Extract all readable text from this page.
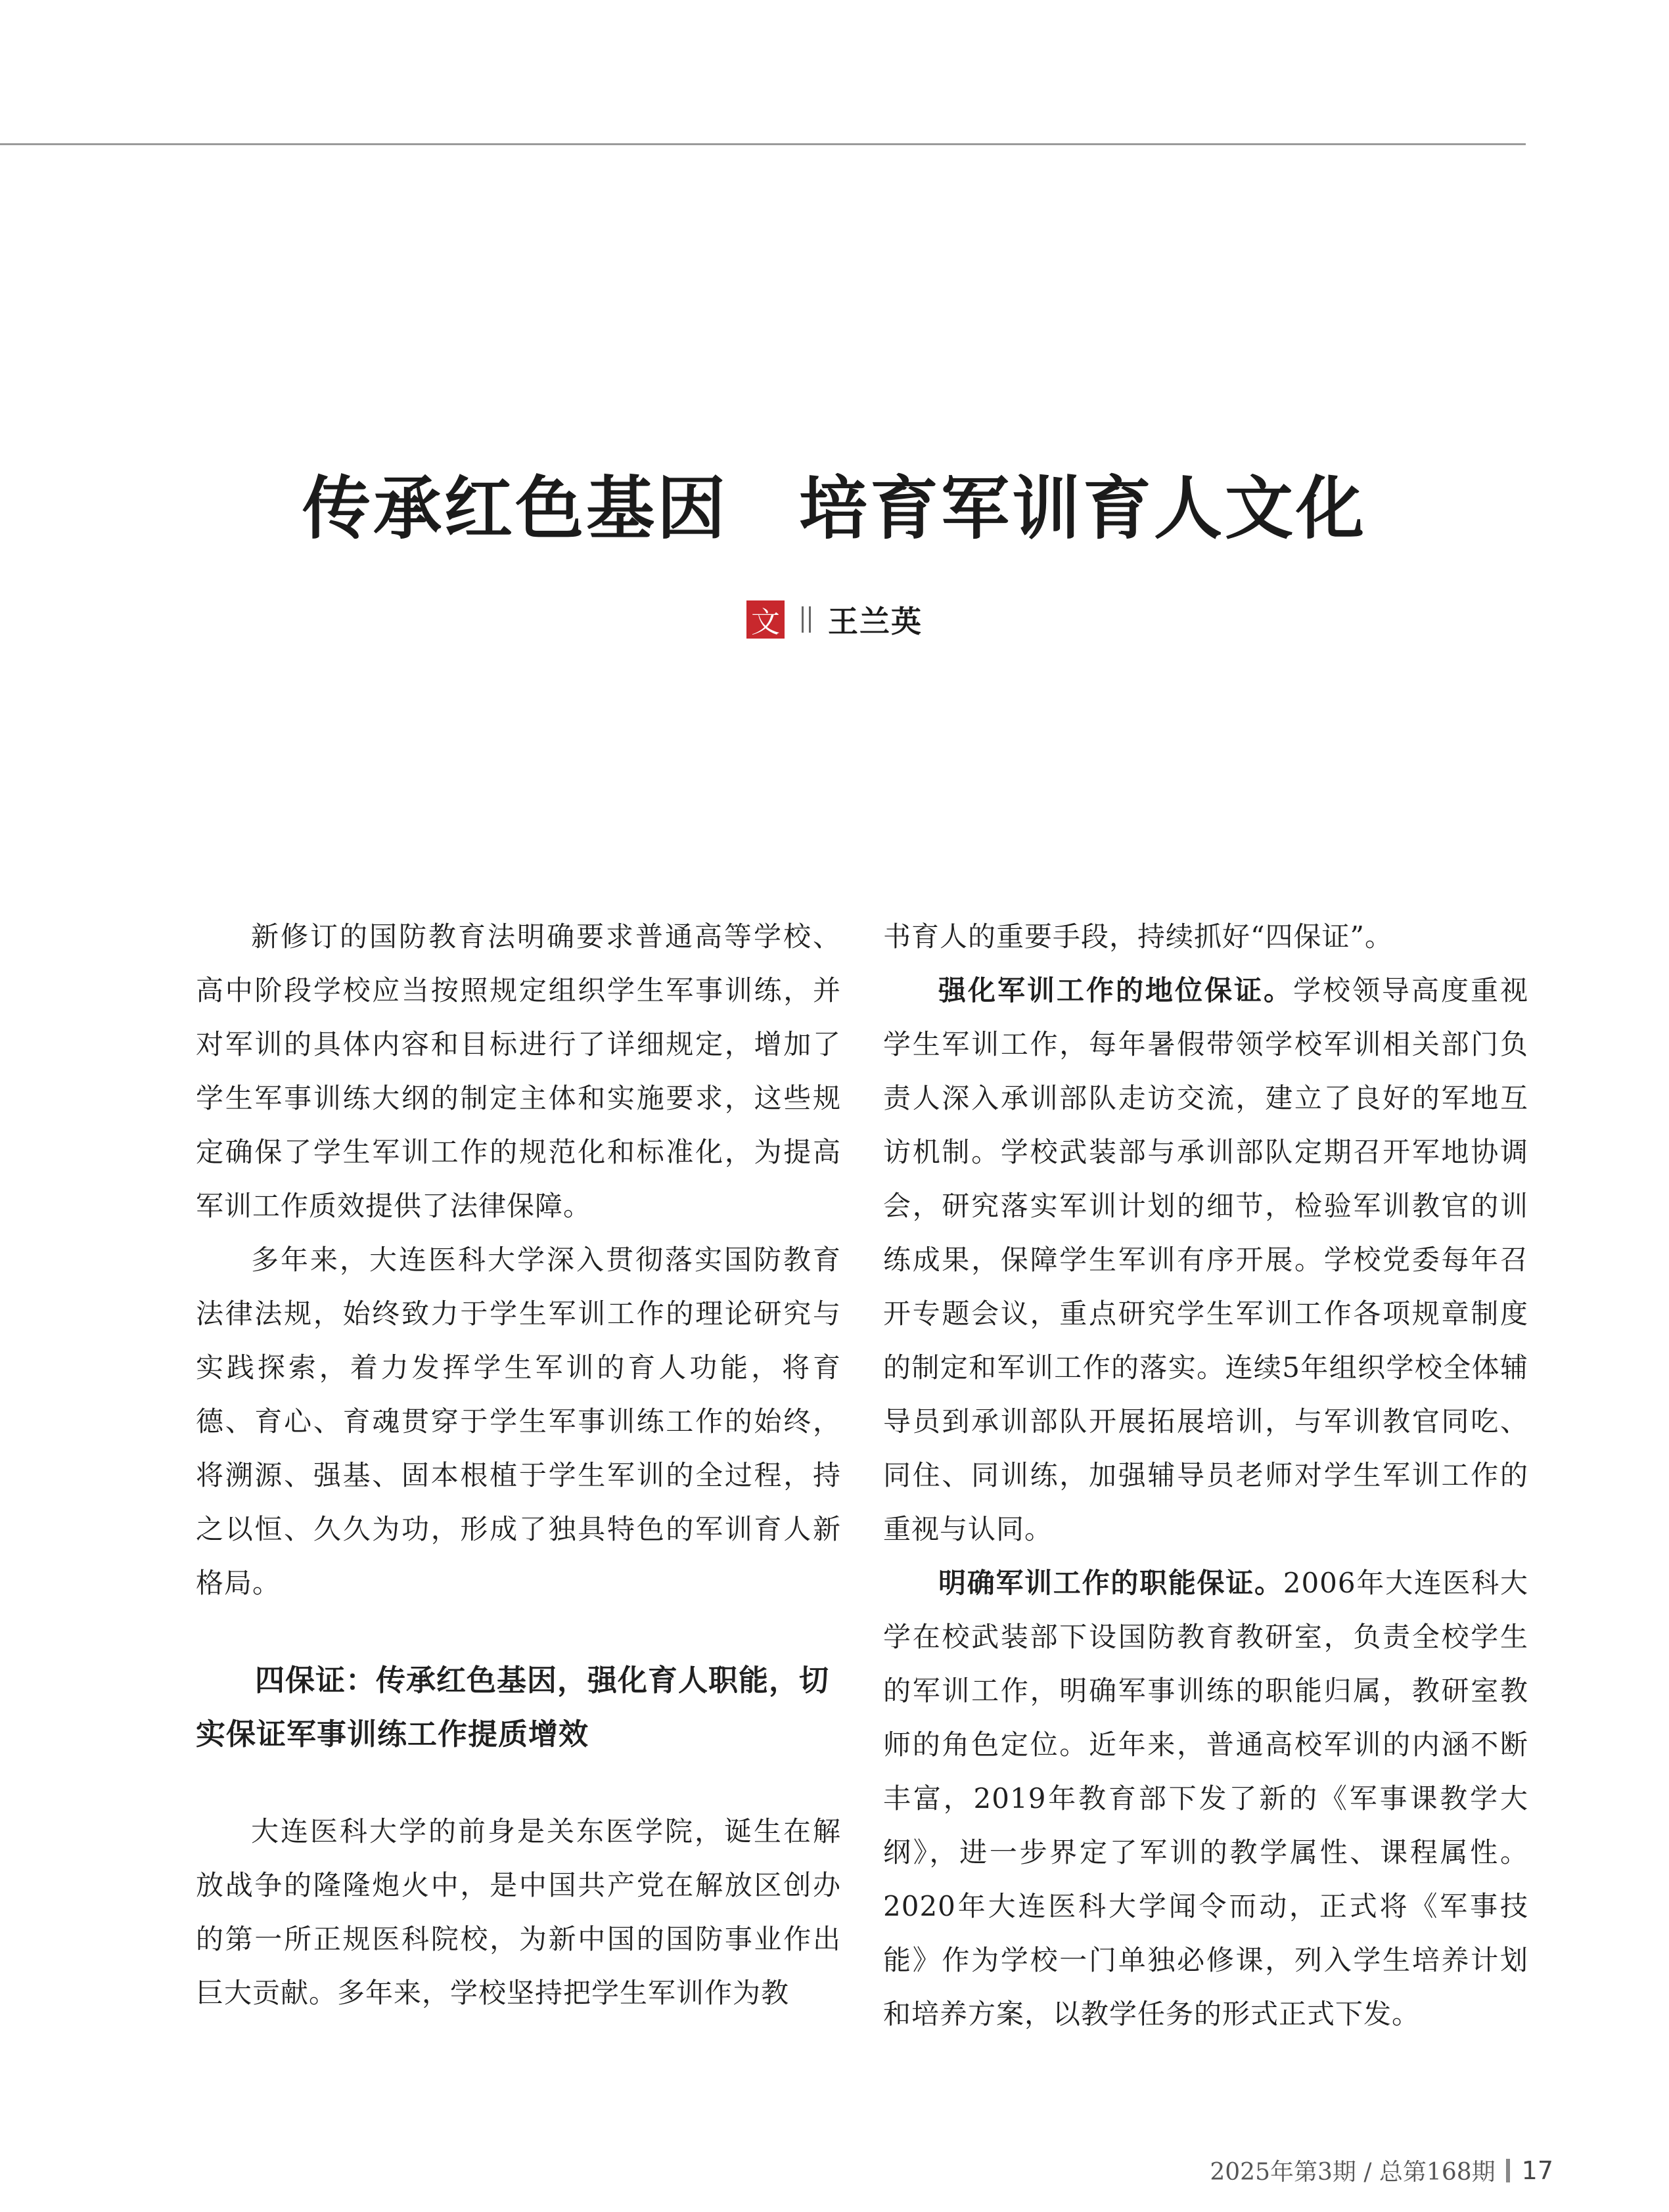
传承红色基因　培育军训育人文化
文 王兰英

新修订的国防教育法明确要求普通高等学校、高中阶段学校应当按照规定组织学生军事训练，并对军训的具体内容和目标进行了详细规定，增加了学生军事训练大纲的制定主体和实施要求，这些规定确保了学生军训工作的规范化和标准化，为提高军训工作质效提供了法律保障。

多年来，大连医科大学深入贯彻落实国防教育法律法规，始终致力于学生军训工作的理论研究与实践探索，着力发挥学生军训的育人功能，将育德、育心、育魂贯穿于学生军事训练工作的始终，将溯源、强基、固本根植于学生军训的全过程，持之以恒、久久为功，形成了独具特色的军训育人新格局。

四保证：传承红色基因，强化育人职能，切实保证军事训练工作提质增效

大连医科大学的前身是关东医学院，诞生在解放战争的隆隆炮火中，是中国共产党在解放区创办的第一所正规医科院校，为新中国的国防事业作出巨大贡献。多年来，学校坚持把学生军训作为教

书育人的重要手段，持续抓好“四保证”。

强化军训工作的地位保证。学校领导高度重视学生军训工作，每年暑假带领学校军训相关部门负责人深入承训部队走访交流，建立了良好的军地互访机制。学校武装部与承训部队定期召开军地协调会，研究落实军训计划的细节，检验军训教官的训练成果，保障学生军训有序开展。学校党委每年召开专题会议，重点研究学生军训工作各项规章制度的制定和军训工作的落实。连续5年组织学校全体辅导员到承训部队开展拓展培训，与军训教官同吃、同住、同训练，加强辅导员老师对学生军训工作的重视与认同。

明确军训工作的职能保证。2006年大连医科大学在校武装部下设国防教育教研室，负责全校学生的军训工作，明确军事训练的职能归属，教研室教师的角色定位。近年来，普通高校军训的内涵不断丰富，2019年教育部下发了新的《军事课教学大纲》，进一步界定了军训的教学属性、课程属性。2020年大连医科大学闻令而动，正式将《军事技能》作为学校一门单独必修课，列入学生培养计划和培养方案，以教学任务的形式正式下发。

2025年第3期 / 总第168期 17
